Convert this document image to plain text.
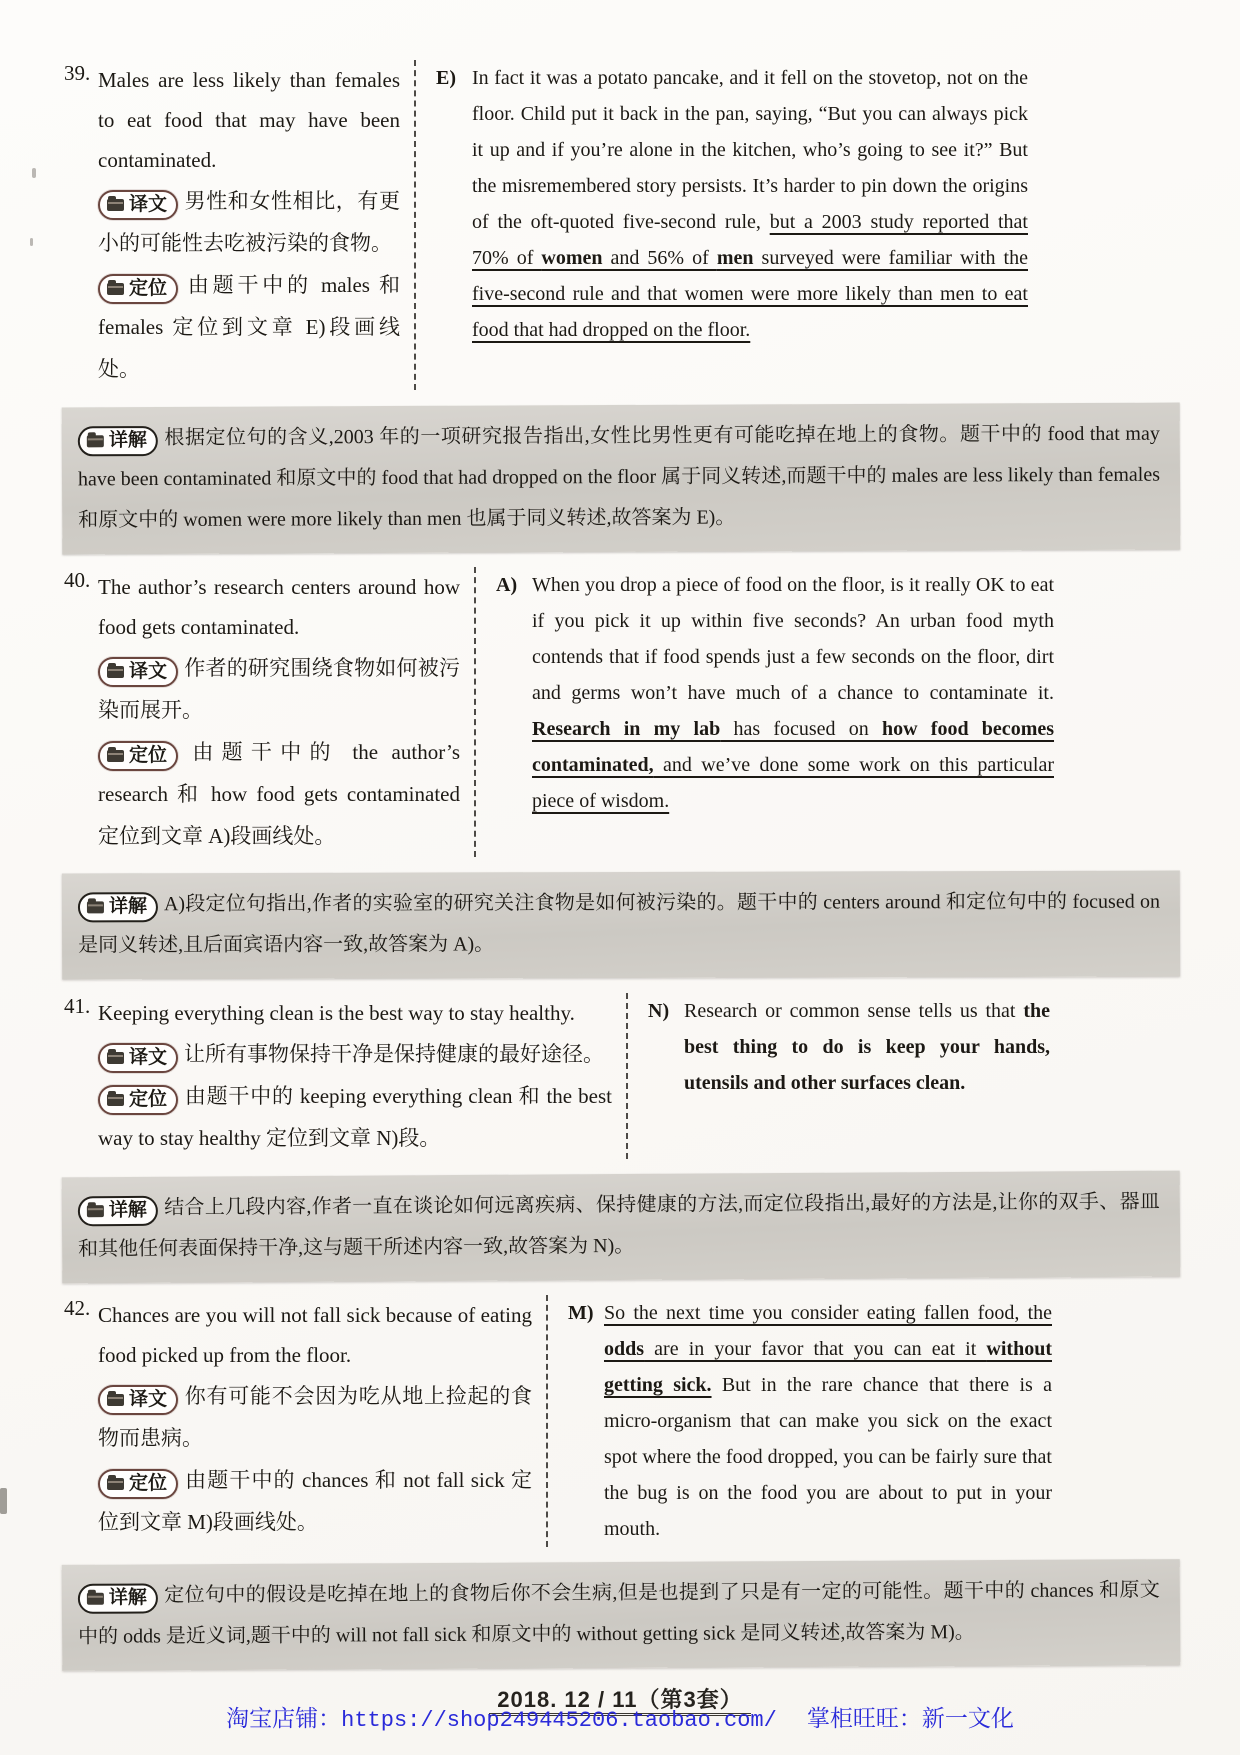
39. Males are less likely than females to eat food that may have been contaminated.

译文 男性和女性相比，有更小的可能性去吃被污染的食物。

定位 由题干中的 males 和 females 定位到文章 E)段画线处。

E) In fact it was a potato pancake, and it fell on the stovetop, not on the floor. Child put it back in the pan, saying, “But you can always pick it up and if you’re alone in the kitchen, who’s going to see it?” But the misremembered story persists. It’s harder to pin down the origins of the oft-quoted five-second rule, but a 2003 study reported that 70% of women and 56% of men surveyed were familiar with the five-second rule and that women were more likely than men to eat food that had dropped on the floor.

详解 根据定位句的含义,2003 年的一项研究报告指出,女性比男性更有可能吃掉在地上的食物。题干中的 food that may have been contaminated 和原文中的 food that had dropped on the floor 属于同义转述,而题干中的 males are less likely than females 和原文中的 women were more likely than men 也属于同义转述,故答案为 E)。
40. The author’s research centers around how food gets contaminated.

译文 作者的研究围绕食物如何被污染而展开。

定位 由题干中的 the author’s research 和 how food gets contaminated 定位到文章 A)段画线处。

A) When you drop a piece of food on the floor, is it really OK to eat if you pick it up within five seconds? An urban food myth contends that if food spends just a few seconds on the floor, dirt and germs won’t have much of a chance to contaminate it. Research in my lab has focused on how food becomes contaminated, and we’ve done some work on this particular piece of wisdom.

详解 A)段定位句指出,作者的实验室的研究关注食物是如何被污染的。题干中的 centers around 和定位句中的 focused on 是同义转述,且后面宾语内容一致,故答案为 A)。
41. Keeping everything clean is the best way to stay healthy.

译文 让所有事物保持干净是保持健康的最好途径。

定位 由题干中的 keeping everything clean 和 the best way to stay healthy 定位到文章 N)段。

N) Research or common sense tells us that the best thing to do is keep your hands, utensils and other surfaces clean.

详解 结合上几段内容,作者一直在谈论如何远离疾病、保持健康的方法,而定位段指出,最好的方法是,让你的双手、器皿和其他任何表面保持干净,这与题干所述内容一致,故答案为 N)。
42. Chances are you will not fall sick because of eating food picked up from the floor.

译文 你有可能不会因为吃从地上捡起的食物而患病。

定位 由题干中的 chances 和 not fall sick 定位到文章 M)段画线处。

M) So the next time you consider eating fallen food, the odds are in your favor that you can eat it without getting sick. But in the rare chance that there is a micro-organism that can make you sick on the exact spot where the food dropped, you can be fairly sure that the bug is on the food you are about to put in your mouth.

详解 定位句中的假设是吃掉在地上的食物后你不会生病,但是也提到了只是有一定的可能性。题干中的 chances 和原文中的 odds 是近义词,题干中的 will not fall sick 和原文中的 without getting sick 是同义转述,故答案为 M)。
2018. 12 / 11（第3套）
淘宝店铺：https://shop249445206.taobao.com/ 掌柜旺旺：新一文化
